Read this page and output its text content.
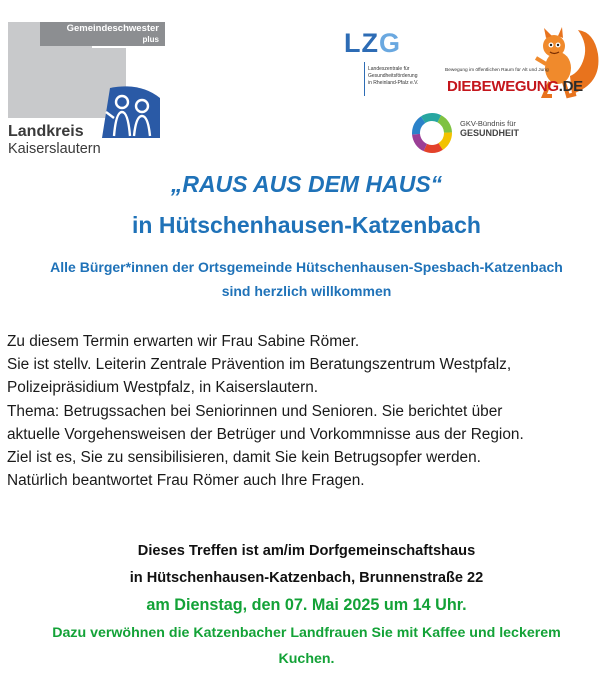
Gemeindeschwester
plus
Landkreis
Kaiserslautern
LZG
Landeszentrale für
Gesundheitsförderung
in Rheinland-Pfalz e.V.
Bewegung im öffentlichen Raum für Alt und Jung
DIEBEWEGUNG.DE
GKV-Bündnis für
GESUNDHEIT
„RAUS AUS DEM HAUS“
in Hütschenhausen-Katzenbach
Alle Bürger*innen der Ortsgemeinde Hütschenhausen-Spesbach-Katzenbach
sind herzlich willkommen
Zu diesem Termin erwarten wir Frau Sabine Römer.
Sie ist stellv. Leiterin Zentrale Prävention im Beratungszentrum Westpfalz,
Polizeipräsidium Westpfalz, in Kaiserslautern.
Thema: Betrugssachen bei Seniorinnen und Senioren. Sie berichtet über
aktuelle Vorgehensweisen der Betrüger und Vorkommnisse aus der Region.
Ziel ist es, Sie zu sensibilisieren, damit Sie kein Betrugsopfer werden.
Natürlich beantwortet Frau Römer auch Ihre Fragen.
Dieses Treffen ist am/im Dorfgemeinschaftshaus
in Hütschenhausen-Katzenbach, Brunnenstraße 22
am Dienstag, den 07. Mai 2025 um 14 Uhr.
Dazu verwöhnen die Katzenbacher Landfrauen Sie mit Kaffee und leckerem
Kuchen.
